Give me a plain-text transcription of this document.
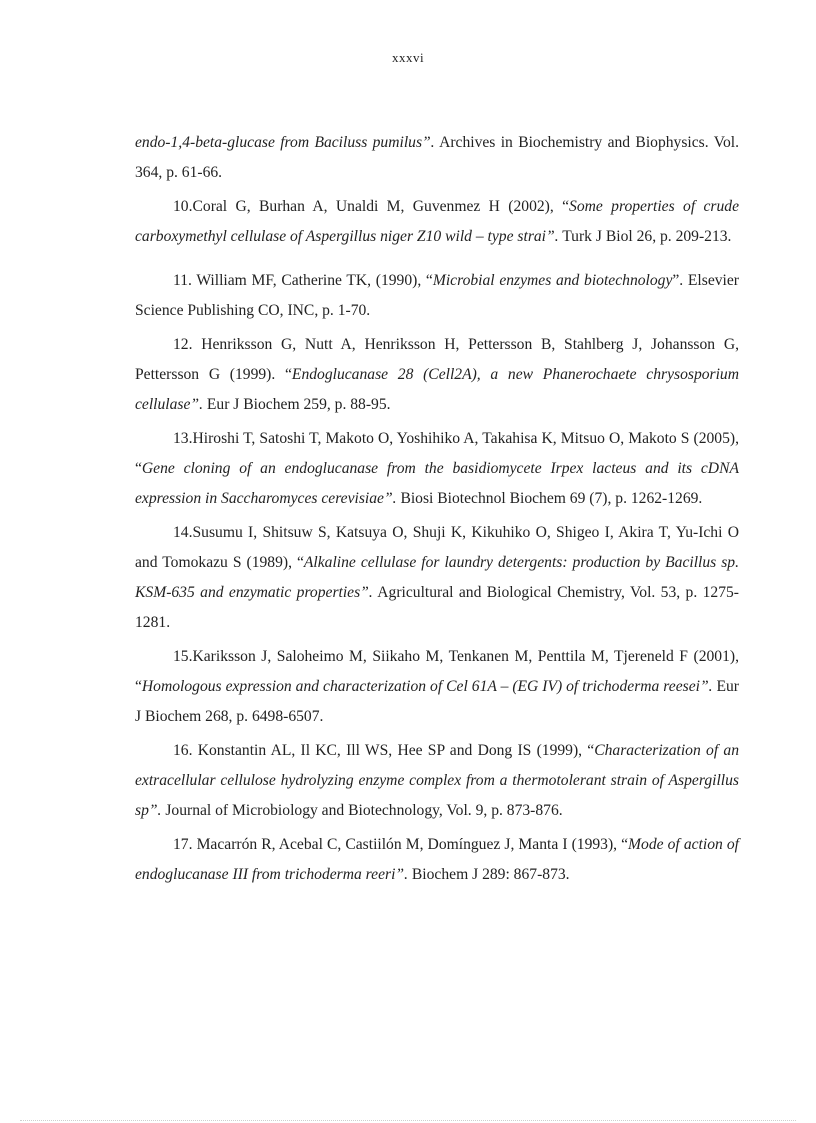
xxxvi

endo-1,4-beta-glucase from Baciluss pumilus”. Archives in Biochemistry and Biophysics. Vol. 364, p. 61-66.

10.Coral G, Burhan A, Unaldi M, Guvenmez H (2002), “Some properties of crude carboxymethyl cellulase of Aspergillus niger Z10 wild – type strai”. Turk J Biol 26, p. 209-213.

11. William MF, Catherine TK, (1990), “Microbial enzymes and biotechnology”. Elsevier Science Publishing CO, INC, p. 1-70.

12. Henriksson G, Nutt A, Henriksson H, Pettersson B, Stahlberg J, Johansson G, Pettersson G (1999). “Endoglucanase 28 (Cell2A), a new Phanerochaete chrysosporium cellulase”. Eur J Biochem 259, p. 88-95.

13.Hiroshi T, Satoshi T, Makoto O, Yoshihiko A, Takahisa K, Mitsuo O, Makoto S (2005), “Gene cloning of an endoglucanase from the basidiomycete Irpex lacteus and its cDNA expression in Saccharomyces cerevisiae”. Biosi Biotechnol Biochem 69 (7), p. 1262-1269.

14.Susumu I, Shitsuw S, Katsuya O, Shuji K, Kikuhiko O, Shigeo I, Akira T, Yu-Ichi O and Tomokazu S (1989), “Alkaline cellulase for laundry detergents: production by Bacillus sp. KSM-635 and enzymatic properties”. Agricultural and Biological Chemistry, Vol. 53, p. 1275-1281.

15.Kariksson J, Saloheimo M, Siikaho M, Tenkanen M, Penttila M, Tjereneld F (2001), “Homologous expression and characterization of Cel 61A – (EG IV) of trichoderma reesei”. Eur J Biochem 268, p. 6498-6507.

16. Konstantin AL, Il KC, Ill WS, Hee SP and Dong IS (1999), “Characterization of an extracellular cellulose hydrolyzing enzyme complex from a thermotolerant strain of Aspergillus sp”. Journal of Microbiology and Biotechnology, Vol. 9, p. 873-876.

17. Macarrón R, Acebal C, Castiilón M, Domínguez J, Manta I (1993), “Mode of action of endoglucanase III from trichoderma reeri”. Biochem J 289: 867-873.
